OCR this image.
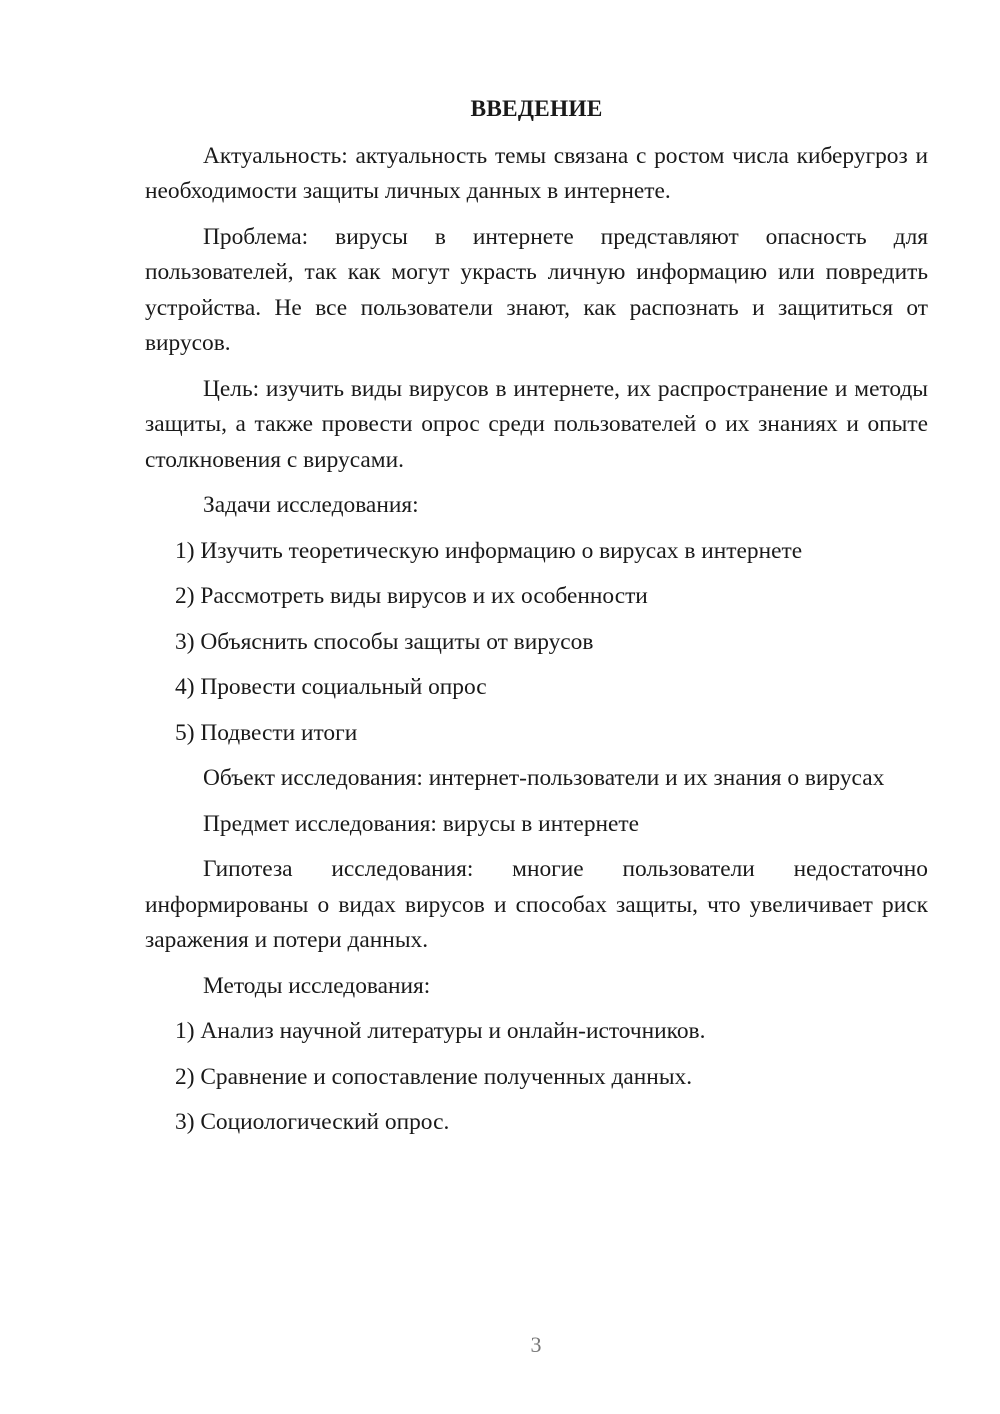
ВВЕДЕНИЕ

Актуальность: актуальность темы связана с ростом числа киберугроз и необходимости защиты личных данных в интернете.

Проблема: вирусы в интернете представляют опасность для пользователей, так как могут украсть личную информацию или повредить устройства. Не все пользователи знают, как распознать и защититься от вирусов.

Цель: изучить виды вирусов в интернете, их распространение и методы защиты, а также провести опрос среди пользователей о их знаниях и опыте столкновения с вирусами.

Задачи исследования:

1) Изучить теоретическую информацию о вирусах в интернете
2) Рассмотреть виды вирусов и их особенности
3) Объяснить способы защиты от вирусов
4) Провести социальный опрос
5) Подвести итоги

Объект исследования: интернет-пользователи и их знания о вирусах

Предмет исследования: вирусы в интернете

Гипотеза исследования: многие пользователи недостаточно информированы о видах вирусов и способах защиты, что увеличивает риск заражения и потери данных.

Методы исследования:

1) Анализ научной литературы и онлайн-источников.
2) Сравнение и сопоставление полученных данных.
3) Социологический опрос.
3
